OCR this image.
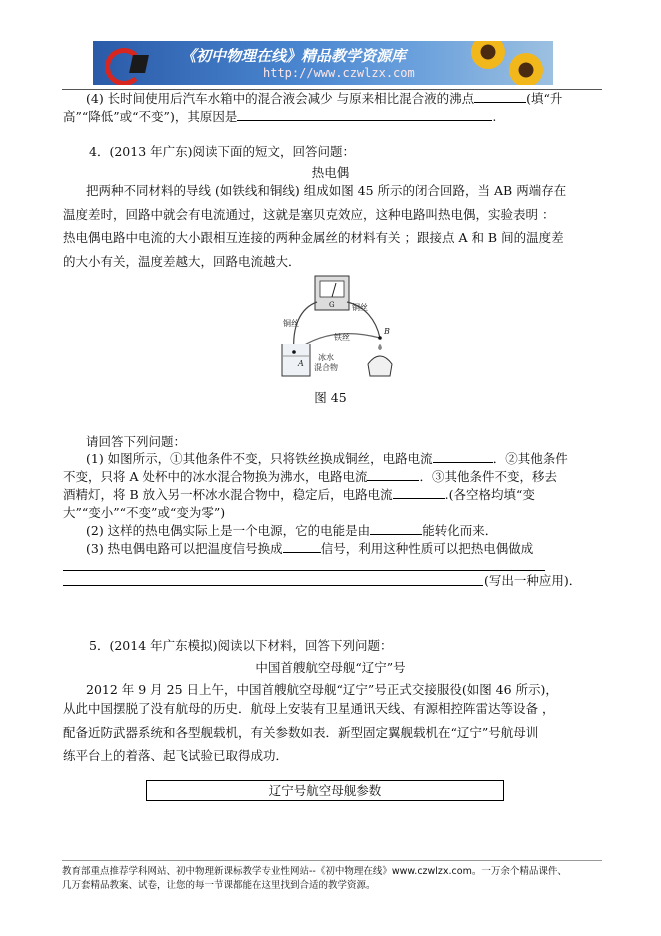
《初中物理在线》精品教学资源库
http://www.czwlzx.com
(4) 长时间使用后汽车水箱中的混合液会减少 与原来相比混合液的沸点	(填“升
高”“降低”或“不变”)，其原因是	.
4．(2013 年广东)阅读下面的短文，回答问题：
热电偶
把两种不同材料的导线 (如铁线和铜线) 组成如图 45 所示的闭合回路，当 AB 两端存在
温度差时，回路中就会有电流通过，这就是塞贝克效应，这种电路叫热电偶，实验表明 ：
热电偶电路中电流的大小跟相互连接的两种金属丝的材料有关 ；跟接点 A 和 B 间的温度差
的大小有关，温度差越大，回路电流越大．
G
铜丝
铜丝
铁丝
冰水
混合物
A
B
图 45
请回答下列问题：
(1) 如图所示，①其他条件不变，只将铁丝换成铜丝，电路电流	．②其他条件
不变，只将 A 处杯中的冰水混合物换为沸水，电路电流	．③其他条件不变，移去
酒精灯，将 B 放入另一杯冰水混合物中，稳定后，电路电流	.(各空格均填“变
大”“变小”“不变”或“变为零”)
(2) 这样的热电偶实际上是一个电源，它的电能是由	能转化而来．
(3) 热电偶电路可以把温度信号换成	信号，利用这种性质可以把热电偶做成
(写出一种应用)．
5．(2014 年广东模拟)阅读以下材料，回答下列问题：
中国首艘航空母舰“辽宁”号
2012 年 9 月 25 日上午，中国首艘航空母舰“辽宁”号正式交接服役(如图 46 所示)，
从此中国摆脱了没有航母的历史．航母上安装有卫星通讯天线、有源相控阵雷达等设备 ，
配备近防武器系统和各型舰载机，有关参数如表．新型固定翼舰载机在“辽宁”号航母训
练平台上的着落、起飞试验已取得成功．
辽宁号航空母舰参数
教育部重点推荐学科网站、初中物理新课标教学专业性网站--《初中物理在线》www.czwlzx.com。一万余个精品课件、
几万套精品教案、试卷，让您的每一节课都能在这里找到合适的教学资源。
